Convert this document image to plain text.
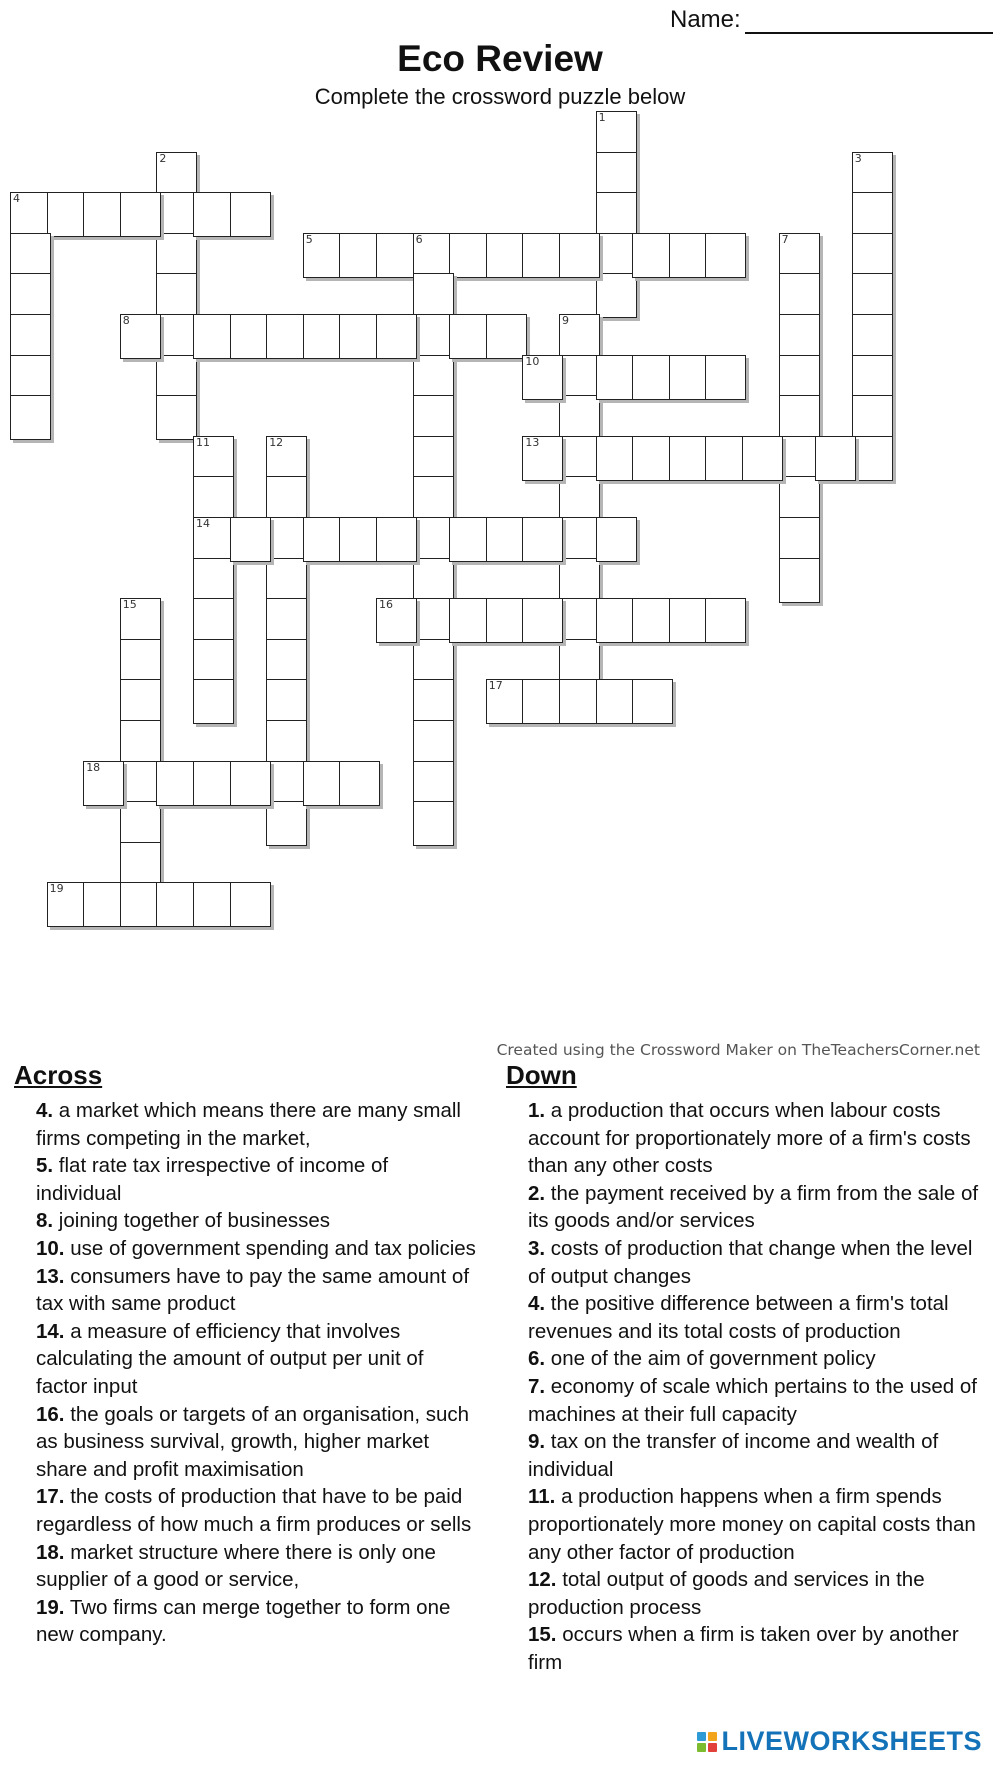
Name:
Eco Review
Complete the crossword puzzle below
1
2	3
4
5	6	7
8	9
10
11
14
12	13
15	16
17
18
19
Created using the Crossword Maker on TheTeachersCorner.net
Across
4. a market which means there are many small firms competing in the market,
5. flat rate tax irrespective of income of individual
8. joining together of businesses
10. use of government spending and tax policies
13. consumers have to pay the same amount of tax with same product
14. a measure of efficiency that involves calculating the amount of output per unit of factor input
16. the goals or targets of an organisation, such as business survival, growth, higher market share and profit maximisation
17. the costs of production that have to be paid regardless of how much a firm produces or sells
18. market structure where there is only one supplier of a good or service,
19. Two firms can merge together to form one new company.
Down
1. a production that occurs when labour costs account for proportionately more of a firm's costs than any other costs
2. the payment received by a firm from the sale of its goods and/or services
3. costs of production that change when the level of output changes
4. the positive difference between a firm's total revenues and its total costs of production
6. one of the aim of government policy
7. economy of scale which pertains to the used of machines at their full capacity
9. tax on the transfer of income and wealth of individual
11. a production happens when a firm spends proportionately more money on capital costs than any other factor of production
12. total output of goods and services in the production process
15. occurs when a firm is taken over by another firm
LIVEWORKSHEETS
